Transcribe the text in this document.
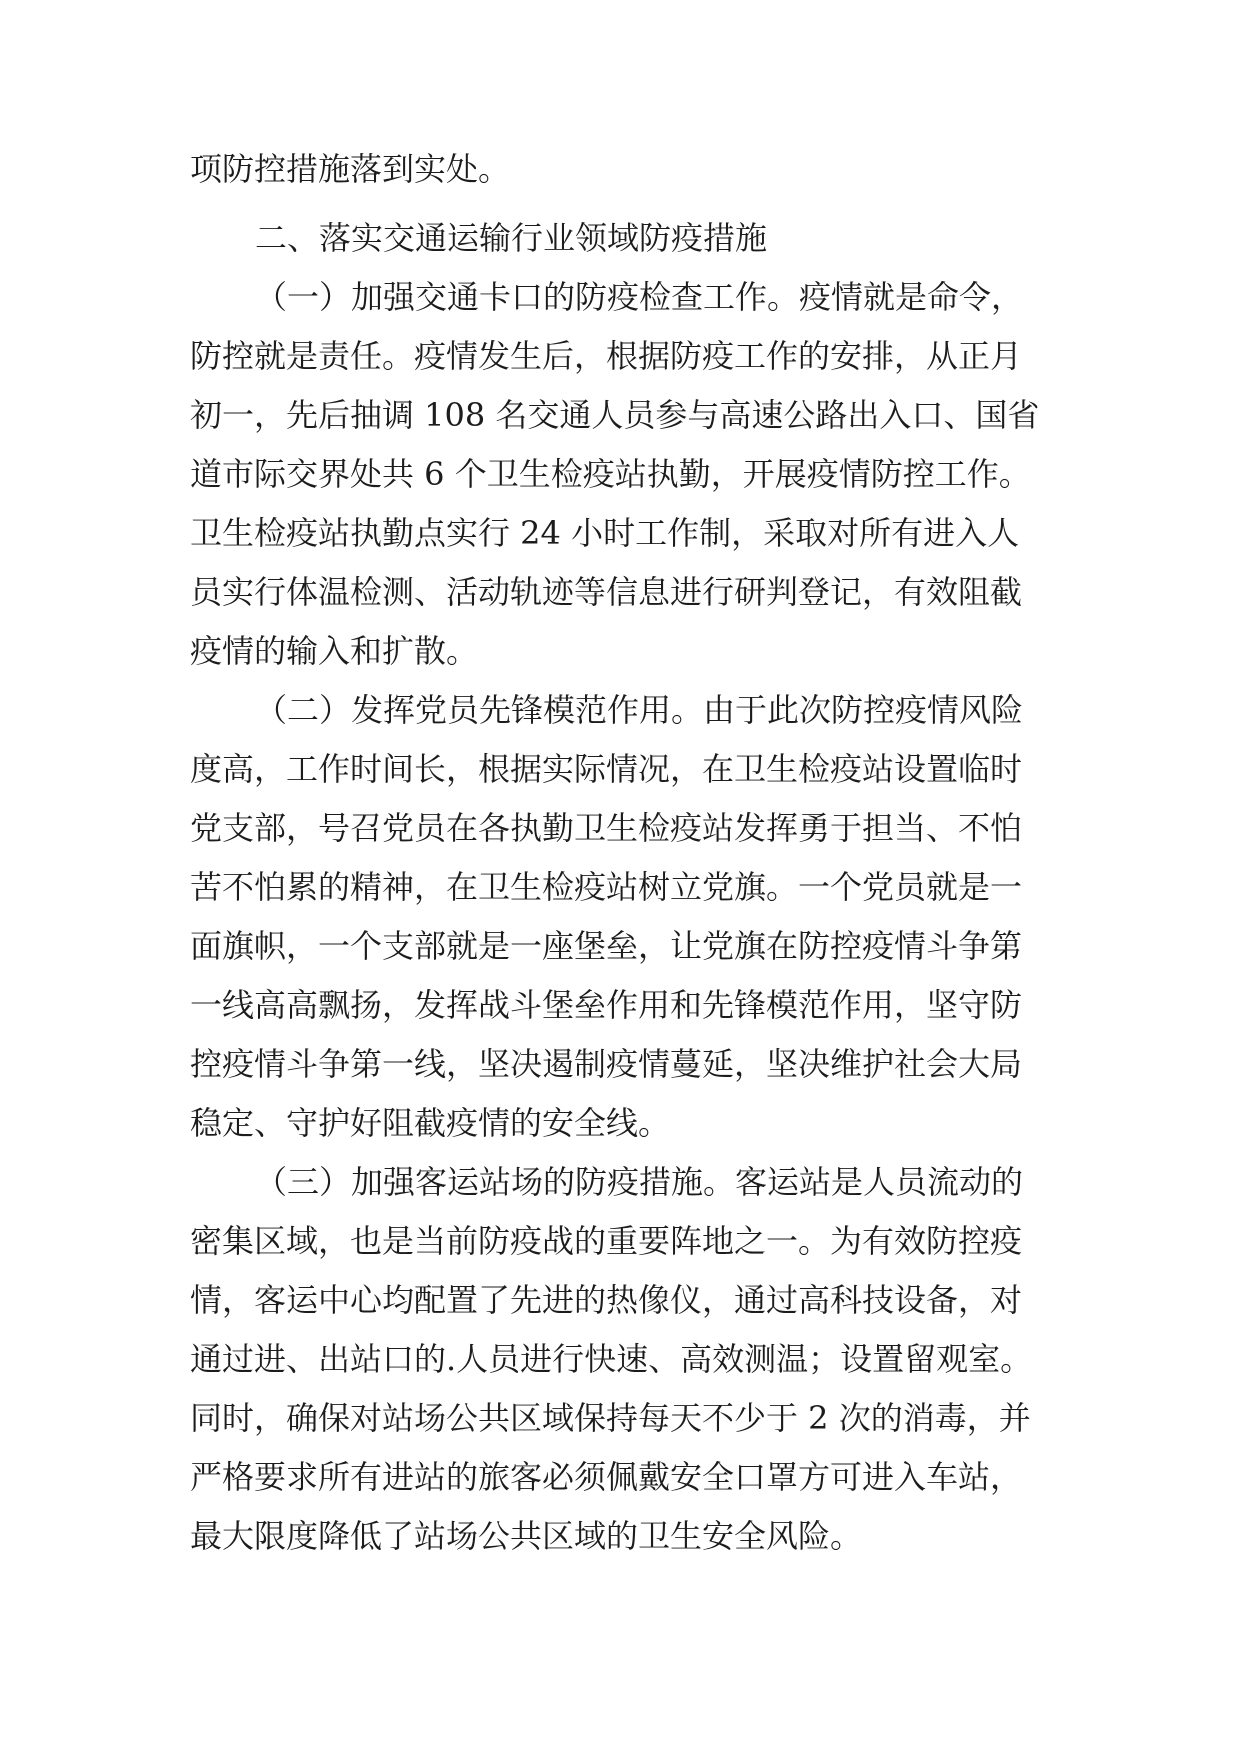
项防控措施落到实处。
二、落实交通运输行业领域防疫措施
（一）加强交通卡口的防疫检查工作。疫情就是命令，
防控就是责任。疫情发生后，根据防疫工作的安排，从正月
初一，先后抽调 108 名交通人员参与高速公路出入口、国省
道市际交界处共 6 个卫生检疫站执勤，开展疫情防控工作。
卫生检疫站执勤点实行 24 小时工作制，采取对所有进入人
员实行体温检测、活动轨迹等信息进行研判登记，有效阻截
疫情的输入和扩散。
（二）发挥党员先锋模范作用。由于此次防控疫情风险
度高，工作时间长，根据实际情况，在卫生检疫站设置临时
党支部，号召党员在各执勤卫生检疫站发挥勇于担当、不怕
苦不怕累的精神，在卫生检疫站树立党旗。一个党员就是一
面旗帜，一个支部就是一座堡垒，让党旗在防控疫情斗争第
一线高高飘扬，发挥战斗堡垒作用和先锋模范作用，坚守防
控疫情斗争第一线，坚决遏制疫情蔓延，坚决维护社会大局
稳定、守护好阻截疫情的安全线。
（三）加强客运站场的防疫措施。客运站是人员流动的
密集区域，也是当前防疫战的重要阵地之一。为有效防控疫
情，客运中心均配置了先进的热像仪，通过高科技设备，对
通过进、出站口的.人员进行快速、高效测温；设置留观室。
同时，确保对站场公共区域保持每天不少于 2 次的消毒，并
严格要求所有进站的旅客必须佩戴安全口罩方可进入车站，
最大限度降低了站场公共区域的卫生安全风险。
